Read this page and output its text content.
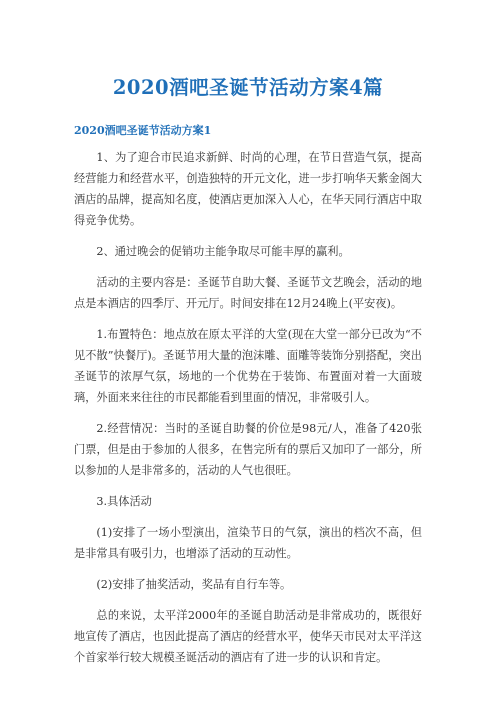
2020酒吧圣诞节活动方案4篇
2020酒吧圣诞节活动方案1

1、为了迎合市民追求新鲜、时尚的心理，在节日营造气氛，提高经营能力和经营水平，创造独特的开元文化，进一步打响华天紫金阁大酒店的品牌，提高知名度，使酒店更加深入人心，在华天同行酒店中取得竞争优势。

2、通过晚会的促销功主能争取尽可能丰厚的赢利。

活动的主要内容是：圣诞节自助大餐、圣诞节文艺晚会，活动的地点是本酒店的四季厅、开元厅。时间安排在12月24晚上(平安夜)。

1.布置特色：地点放在原太平洋的大堂(现在大堂一部分已改为“不见不散”快餐厅)。圣诞节用大量的泡沫雕、面雕等装饰分别搭配，突出圣诞节的浓厚气氛，场地的一个优势在于装饰、布置面对着一大面玻璃，外面来来往往的市民都能看到里面的情况，非常吸引人。

2.经营情况：当时的圣诞自助餐的价位是98元/人，准备了420张门票，但是由于参加的人很多，在售完所有的票后又加印了一部分，所以参加的人是非常多的，活动的人气也很旺。

3.具体活动

(1)安排了一场小型演出，渲染节日的气氛，演出的档次不高，但是非常具有吸引力，也增添了活动的互动性。

(2)安排了抽奖活动，奖品有自行车等。

总的来说，太平洋2000年的圣诞自助活动是非常成功的，既很好地宣传了酒店，也因此提高了酒店的经营水平，使华天市民对太平洋这个首家举行较大规模圣诞活动的酒店有了进一步的认识和肯定。
